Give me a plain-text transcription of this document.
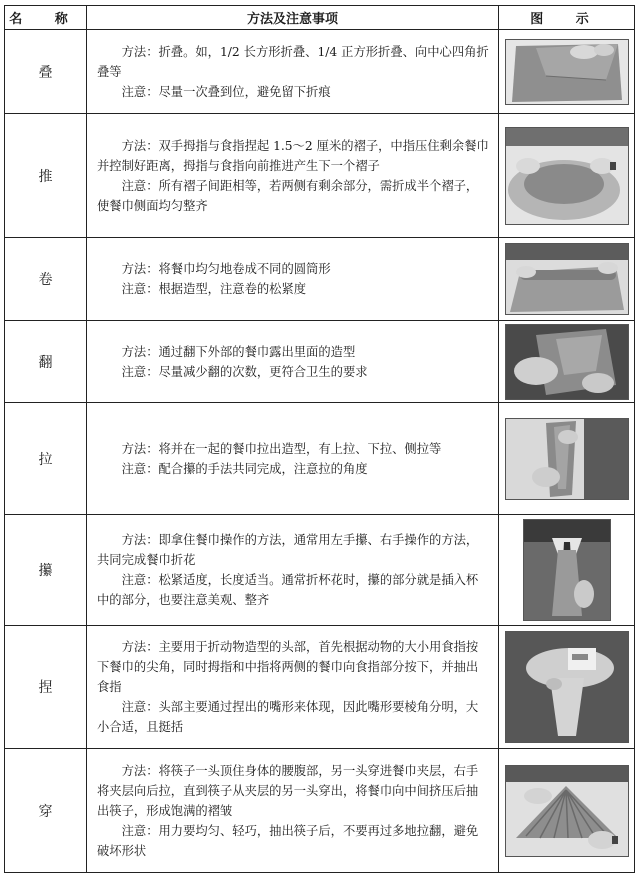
名 称	方法及注意事项	图 示
叠	方法：折叠。如，1/2 长方形折叠、1/4 正方形折叠、向中心四角折叠等

注意：尽量一次叠到位，避免留下折痕

推	方法：双手拇指与食指捏起 1.5～2 厘米的褶子，中指压住剩余餐巾并控制好距离，拇指与食指向前推进产生下一个褶子

注意：所有褶子间距相等，若两侧有剩余部分，需折成半个褶子，使餐巾侧面均匀整齐

卷	方法：将餐巾均匀地卷成不同的圆筒形

注意：根据造型，注意卷的松紧度

翻	方法：通过翻下外部的餐巾露出里面的造型

注意：尽量减少翻的次数，更符合卫生的要求

拉	方法：将并在一起的餐巾拉出造型，有上拉、下拉、侧拉等

注意：配合攥的手法共同完成，注意拉的角度

攥	方法：即拿住餐巾操作的方法，通常用左手攥、右手操作的方法，共同完成餐巾折花

注意：松紧适度，长度适当。通常折杯花时，攥的部分就是插入杯中的部分，也要注意美观、整齐

捏	方法：主要用于折动物造型的头部，首先根据动物的大小用食指按下餐巾的尖角，同时拇指和中指将两侧的餐巾向食指部分按下，并抽出食指

注意：头部主要通过捏出的嘴形来体现，因此嘴形要棱角分明，大小合适，且挺括

穿	方法：将筷子一头顶住身体的腰腹部，另一头穿进餐巾夹层，右手将夹层向后拉，直到筷子从夹层的另一头穿出，将餐巾向中间挤压后抽出筷子，形成饱满的褶皱

注意：用力要均匀、轻巧，抽出筷子后，不要再过多地拉翻，避免破坏形状
